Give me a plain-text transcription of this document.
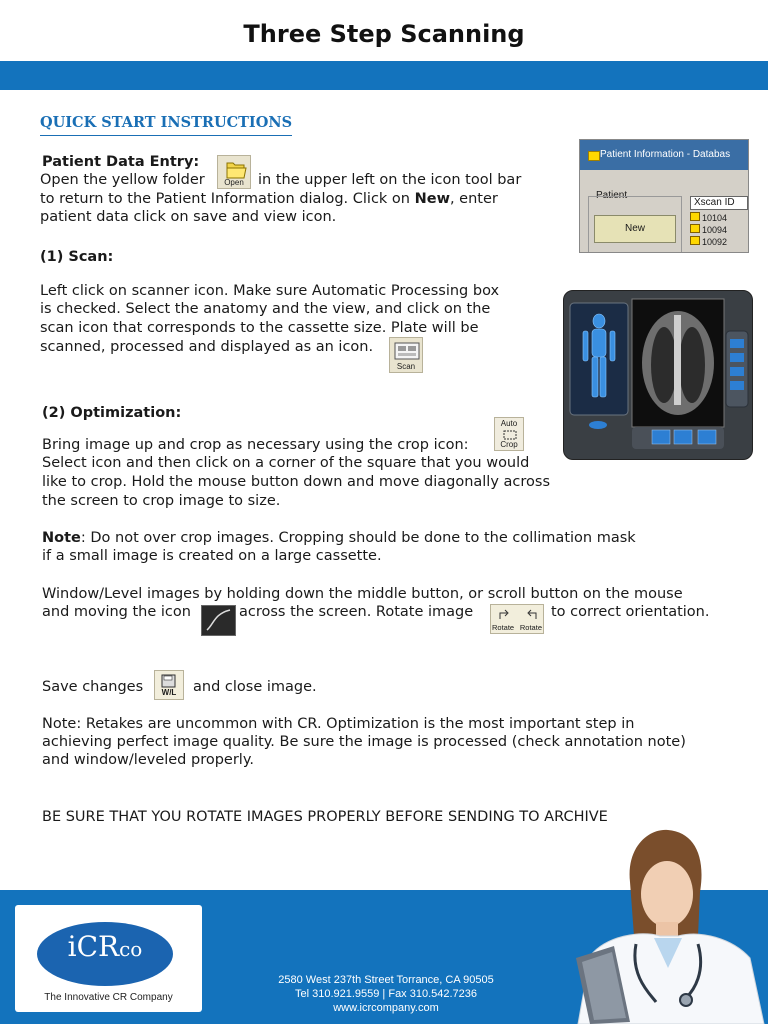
Three Step Scanning
QUICK START INSTRUCTIONS
Patient Data Entry:
Open the yellow folder	Open in the upper left on the icon tool bar
to return to the Patient Information dialog. Click on New, enter
patient data click on save and view icon.
Patient Information - Databas
Patient
New
Xscan ID
10104
10094
10092
(1) Scan:
Left click on scanner icon. Make sure Automatic Processing box
is checked. Select the anatomy and the view, and click on the
scan icon that corresponds to the cassette size. Plate will be
scanned, processed and displayed as an icon.
Scan
(2) Optimization:
Bring image up and crop as necessary using the crop icon:
Auto
Crop
Select icon and then click on a corner of the square that you would
like to crop. Hold the mouse button down and move diagonally across
the screen to crop image to size.
Note: Do not over crop images. Cropping should be done to the collimation mask
if a small image is created on a large cassette.
Window/Level images by holding down the middle button, or scroll button on the mouse
and moving the icon	across the screen. Rotate image
Rotate Rotate
to correct orientation.
Save changes	W/L	and close image.
Note: Retakes are uncommon with CR. Optimization is the most important step in
achieving perfect image quality. Be sure the image is processed (check annotation note)
and window/leveled properly.
BE SURE THAT YOU ROTATE IMAGES PROPERLY BEFORE SENDING TO ARCHIVE
iCRco
The Innovative CR Company
2580 West 237th Street Torrance, CA 90505
Tel 310.921.9559 | Fax 310.542.7236
www.icrcompany.com
